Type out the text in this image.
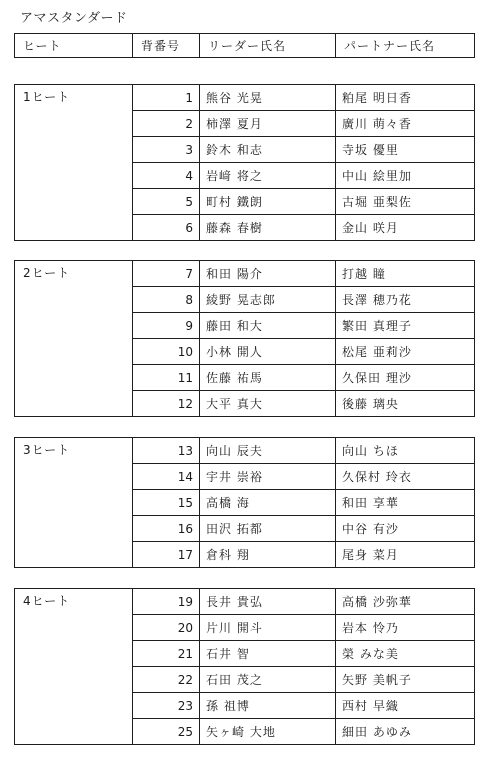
アマスタンダード
ヒート	背番号	リーダー氏名	パートナー氏名
1ヒート	1	熊谷 光晃	粕尾 明日香
	2	柿澤 夏月	廣川 萌々香
	3	鈴木 和志	寺坂 優里
	4	岩﨑 将之	中山 絵里加
	5	町村 鐵朗	古堀 亜梨佐
	6	藤森 春樹	金山 咲月
2ヒート	7	和田 陽介	打越 瞳
	8	綾野 晃志郎	長澤 穂乃花
	9	藤田 和大	繁田 真理子
	10	小林 開人	松尾 亜莉沙
	11	佐藤 祐馬	久保田 理沙
	12	大平 真大	後藤 璃央
3ヒート	13	向山 辰夫	向山 ちほ
	14	宇井 崇裕	久保村 玲衣
	15	高橋 海	和田 享華
	16	田沢 拓都	中谷 有沙
	17	倉科 翔	尾身 菜月
4ヒート	19	長井 貴弘	高橋 沙弥華
	20	片川 開斗	岩本 怜乃
	21	石井 智	榮 みな美
	22	石田 茂之	矢野 美帆子
	23	孫 祖博	西村 早織
	25	矢ヶ崎 大地	細田 あゆみ
